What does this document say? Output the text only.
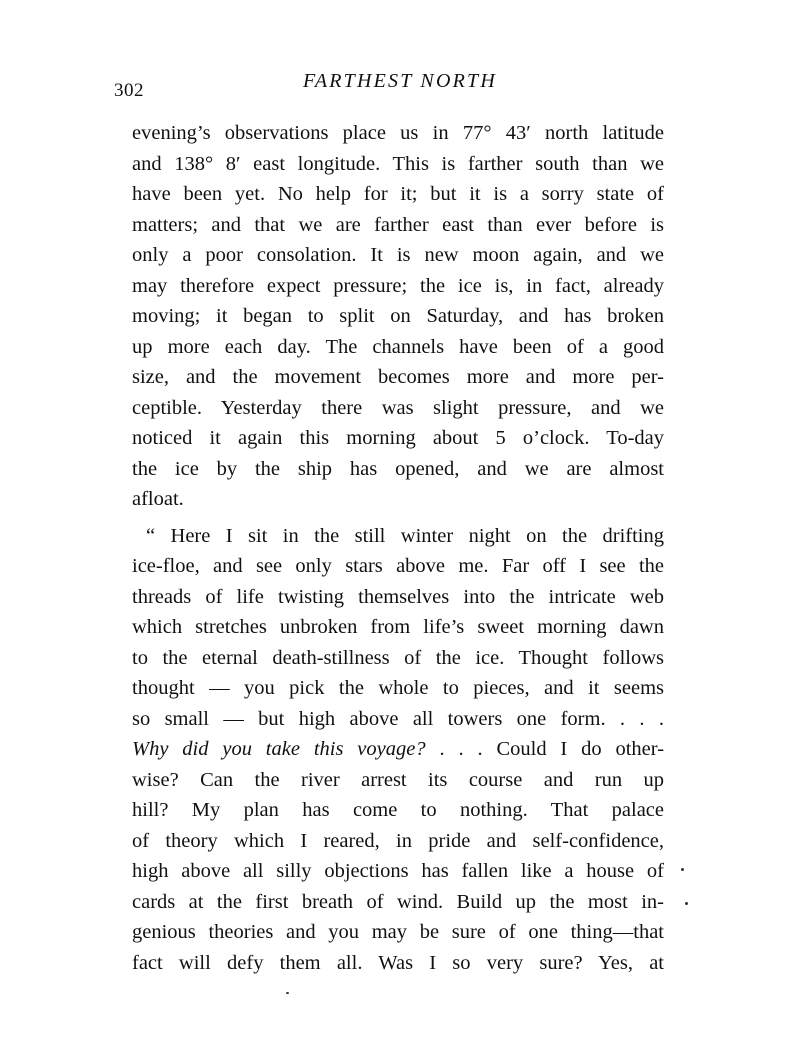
302	FARTHEST NORTH
evening’s observations place us in 77° 43′ north latitude
and 138° 8′ east longitude. This is farther south than we
have been yet. No help for it; but it is a sorry state of
matters; and that we are farther east than ever before is
only a poor consolation. It is new moon again, and we
may therefore expect pressure; the ice is, in fact, already
moving; it began to split on Saturday, and has broken
up more each day. The channels have been of a good
size, and the movement becomes more and more per-
ceptible. Yesterday there was slight pressure, and we
noticed it again this morning about 5 o’clock. To-day
the ice by the ship has opened, and we are almost
afloat.
“ Here I sit in the still winter night on the drifting
ice-floe, and see only stars above me. Far off I see the
threads of life twisting themselves into the intricate web
which stretches unbroken from life’s sweet morning dawn
to the eternal death-stillness of the ice. Thought follows
thought — you pick the whole to pieces, and it seems
so small — but high above all towers one form. . . .
Why did you take this voyage? . . . Could I do other-
wise? Can the river arrest its course and run up
hill? My plan has come to nothing. That palace
of theory which I reared, in pride and self-confidence,
high above all silly objections has fallen like a house of
cards at the first breath of wind. Build up the most in-
genious theories and you may be sure of one thing—that
fact will defy them all. Was I so very sure? Yes, at
